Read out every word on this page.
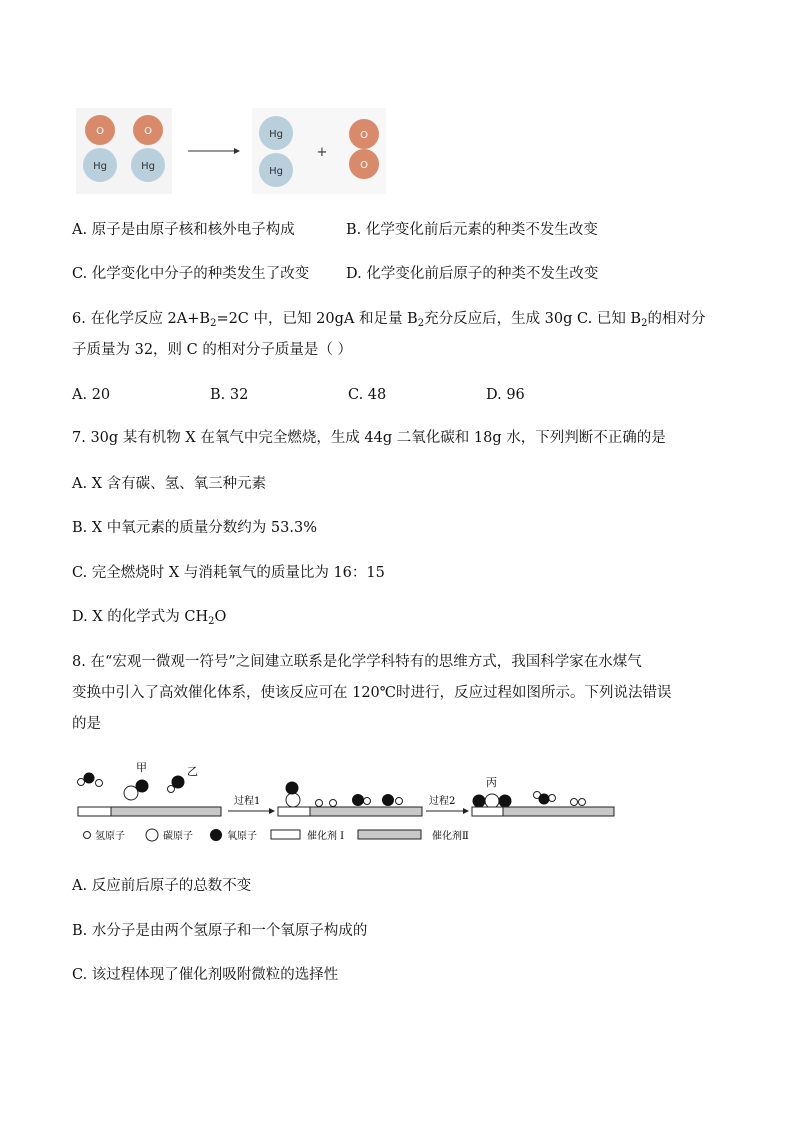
O
Hg
O
Hg
Hg
Hg
+
O
O
A. 原子是由原子核和核外电子构成	B. 化学变化前后元素的种类不发生改变
C. 化学变化中分子的种类发生了改变	D. 化学变化前后原子的种类不发生改变
6. 在化学反应 $2A+B_2=2C$ 中，已知 20gA 和足量 $B_2$充分反应后，生成 30g C. 已知 $B_2$的相对分
子质量为 32，则 C 的相对分子质量是（ ）
A. 20	B. 32	C. 48	D. 96
7. 30g 某有机物 X 在氧气中完全燃烧，生成 44g 二氧化碳和 18g 水，下列判断不正确的是
A. X 含有碳、氢、氧三种元素
B. X 中氧元素的质量分数约为 53.3%
C. 完全燃烧时 X 与消耗氧气的质量比为 16：15
D. X 的化学式为 $CH_2O$
8. 在“宏观一微观一符号”之间建立联系是化学学科特有的思维方式，我国科学家在水煤气
变换中引入了高效催化体系，使该反应可在 120℃时进行，反应过程如图所示。下列说法错误
的是
甲	乙
丙
过程1	过程2
氢原子	碳原子	氧原子	催化剂 I	催化剂Ⅱ
A. 反应前后原子的总数不变
B. 水分子是由两个氢原子和一个氧原子构成的
C. 该过程体现了催化剂吸附微粒的选择性
